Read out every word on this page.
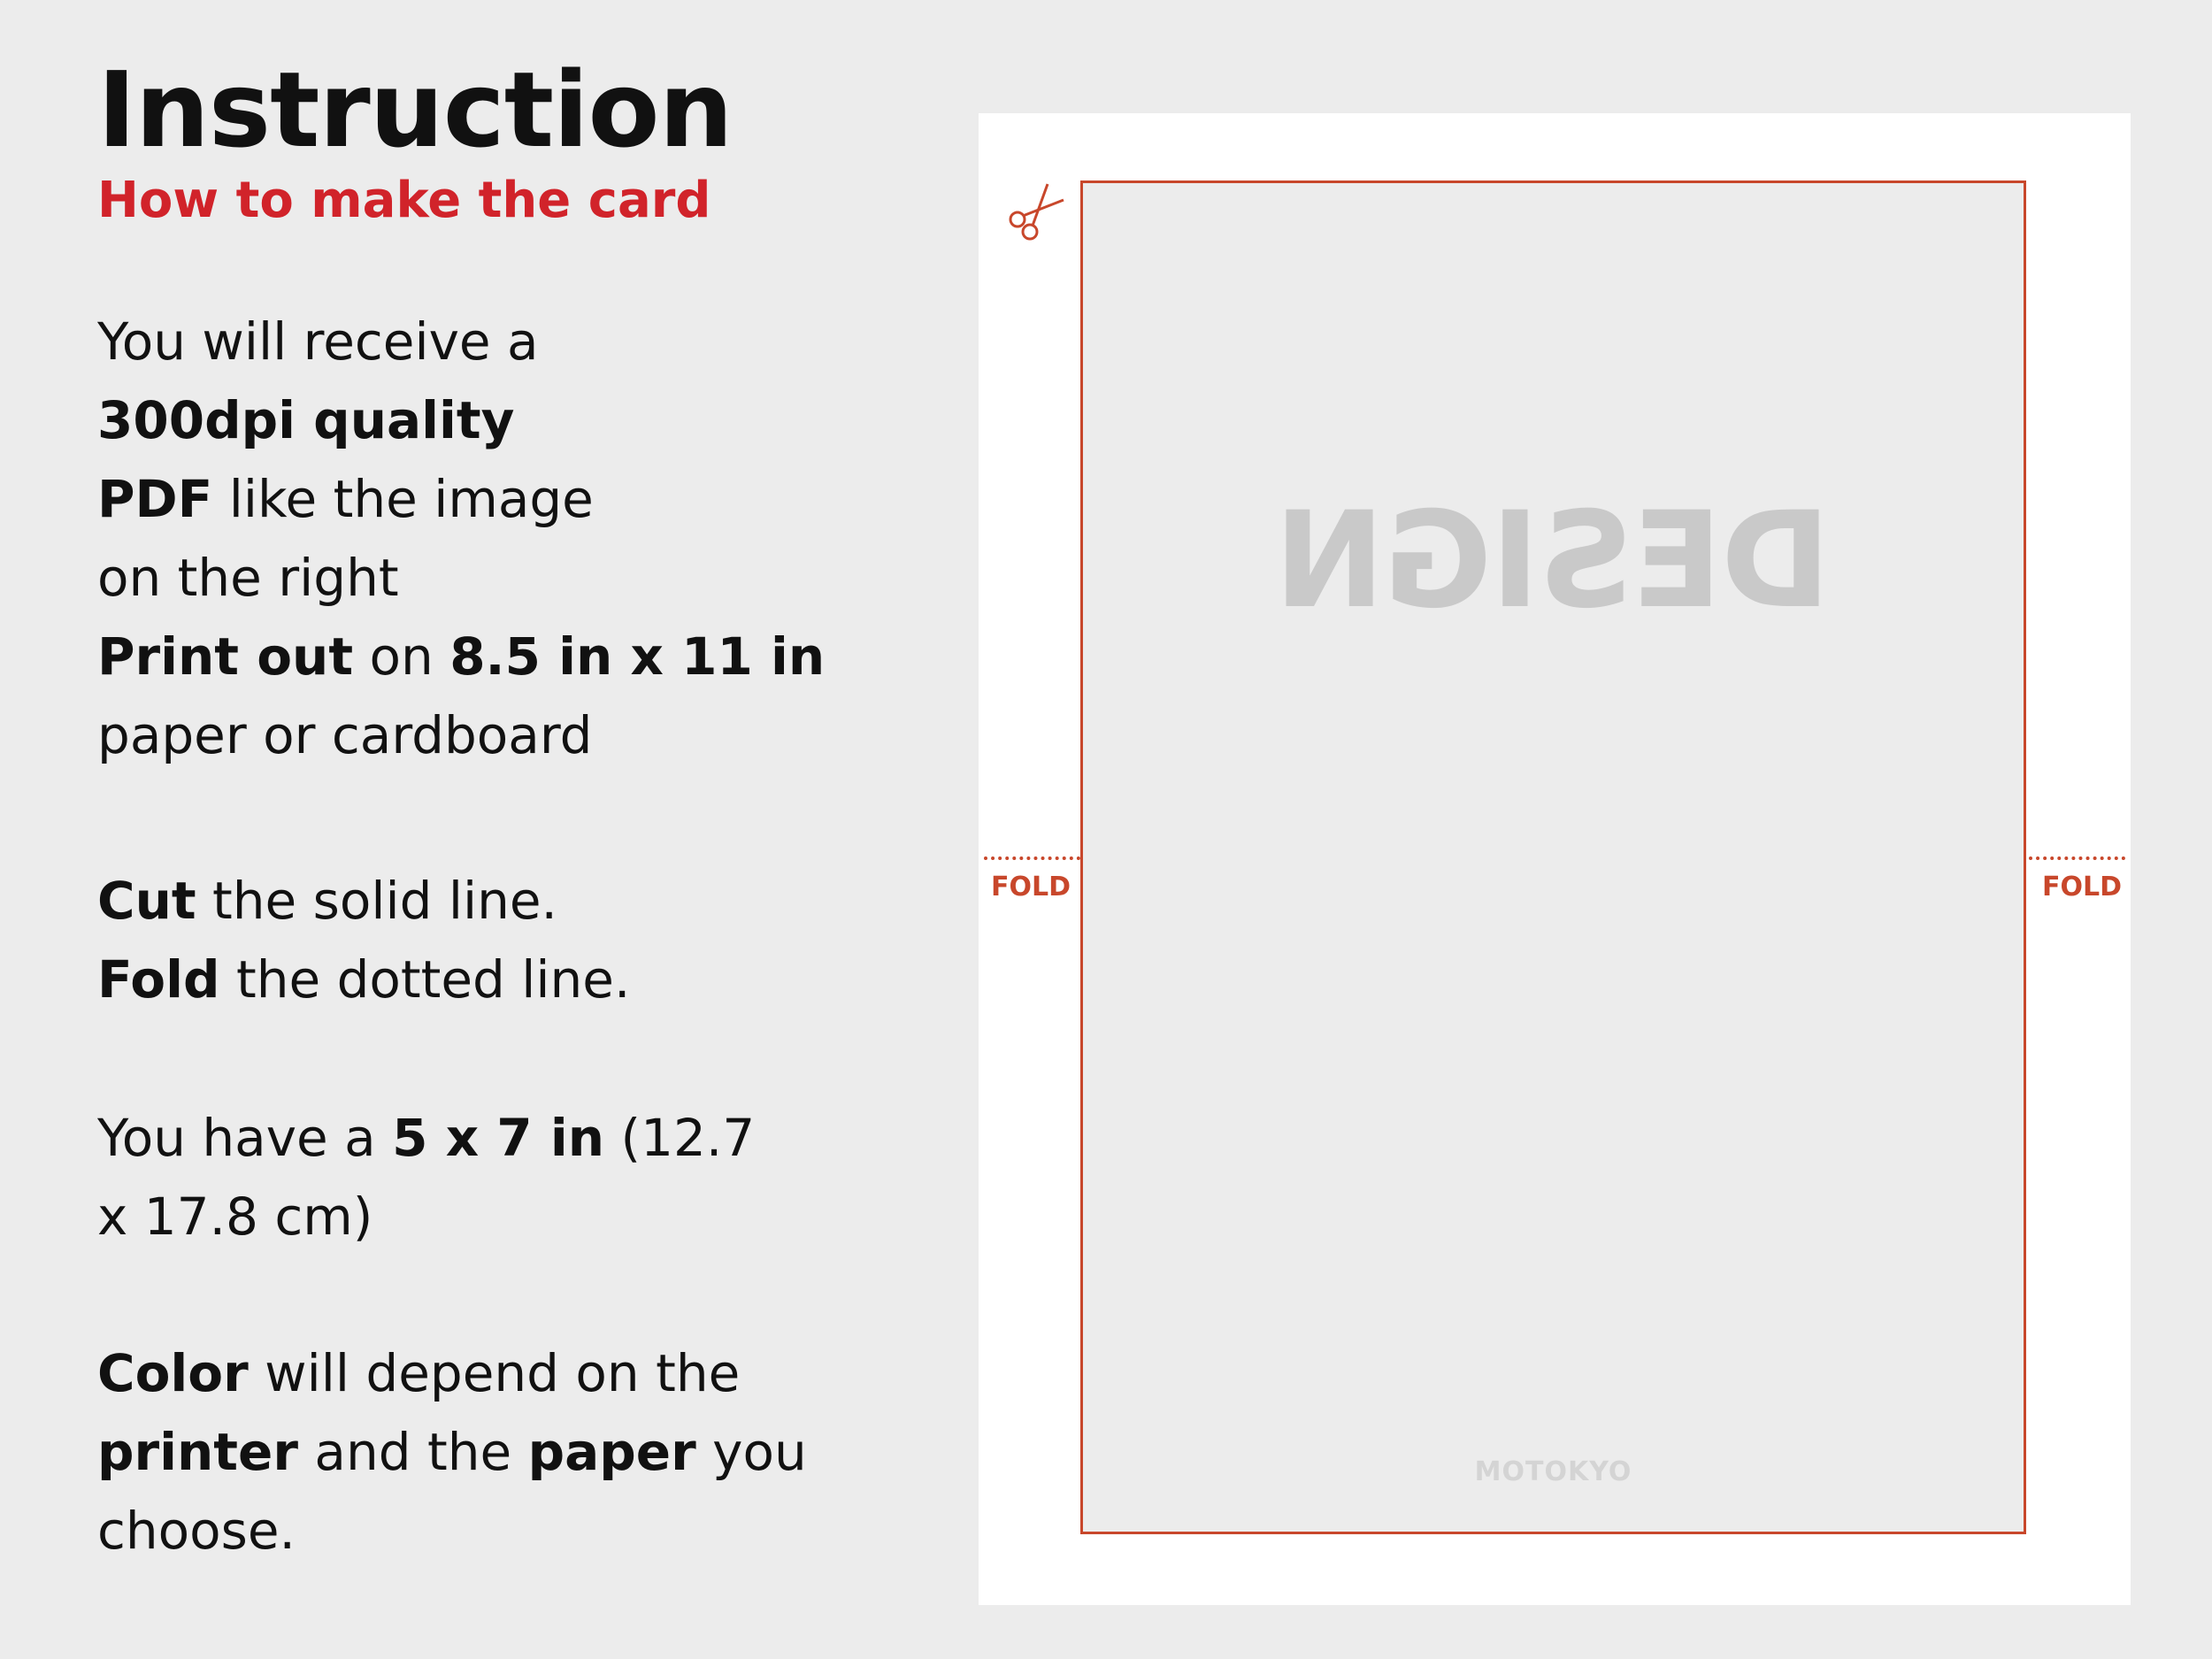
Instruction
How to make the card

You will receive a 300dpi quality PDF like the image on the right

Print out on 8.5 in x 11 in
paper or cardboard

Cut the solid line.
Fold the dotted line.

You have a 5 x 7 in (12.7 x 17.8 cm)

Color will depend on the printer and the paper you choose.

DESIGN
MOTOKYO
FOLD	FOLD
